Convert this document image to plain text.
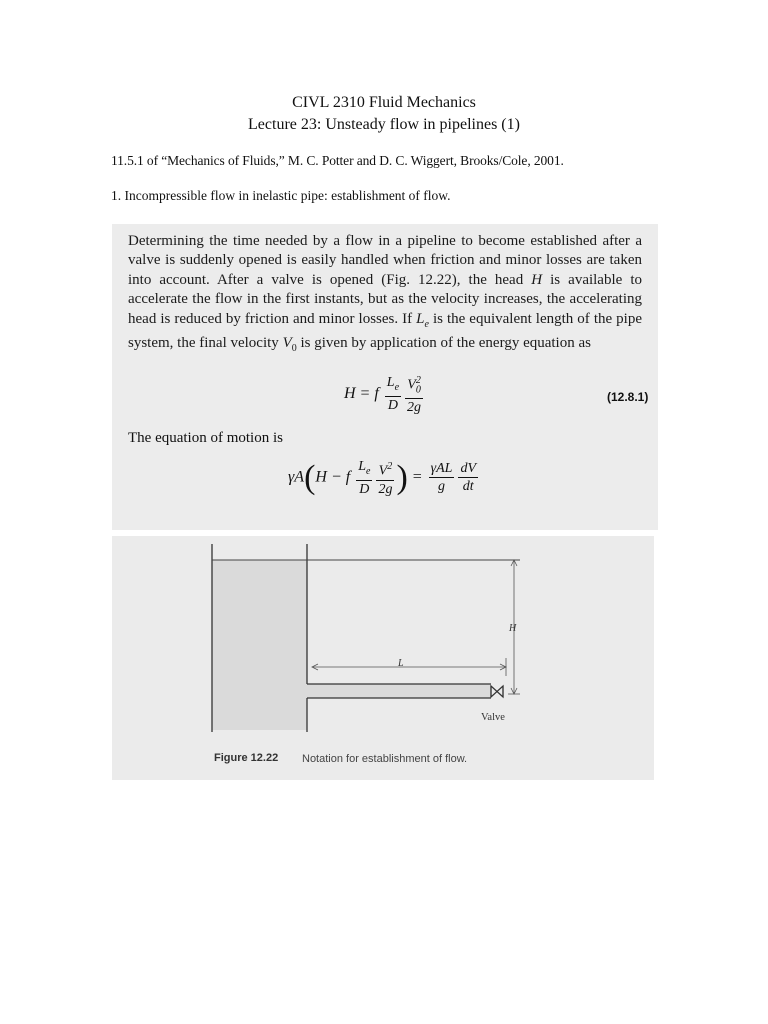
CIVL 2310 Fluid Mechanics
Lecture 23: Unsteady flow in pipelines (1)
11.5.1 of “Mechanics of Fluids,” M. C. Potter and D. C. Wiggert, Brooks/Cole, 2001.
1. Incompressible flow in inelastic pipe: establishment of flow.
Determining the time needed by a flow in a pipeline to become established after a valve is suddenly opened is easily handled when friction and minor losses are taken into account. After a valve is opened (Fig. 12.22), the head H is available to accelerate the flow in the first instants, but as the velocity increases, the accelerating head is reduced by friction and minor losses. If $L_e$ is the equivalent length of the pipe system, the final velocity $V_0$ is given by application of the energy equation as
H = f $\frac{L_e}{D} \frac{V_0^2}{2g}$	(12.8.1)
The equation of motion is
γA(H − f $\frac{L_e}{D} \frac{V^2}{2g}$ ) = $\frac{\text{γAL}}{g} \frac{dV}{dt}$
H
L
Valve
Figure 12.22 Notation for establishment of flow.
